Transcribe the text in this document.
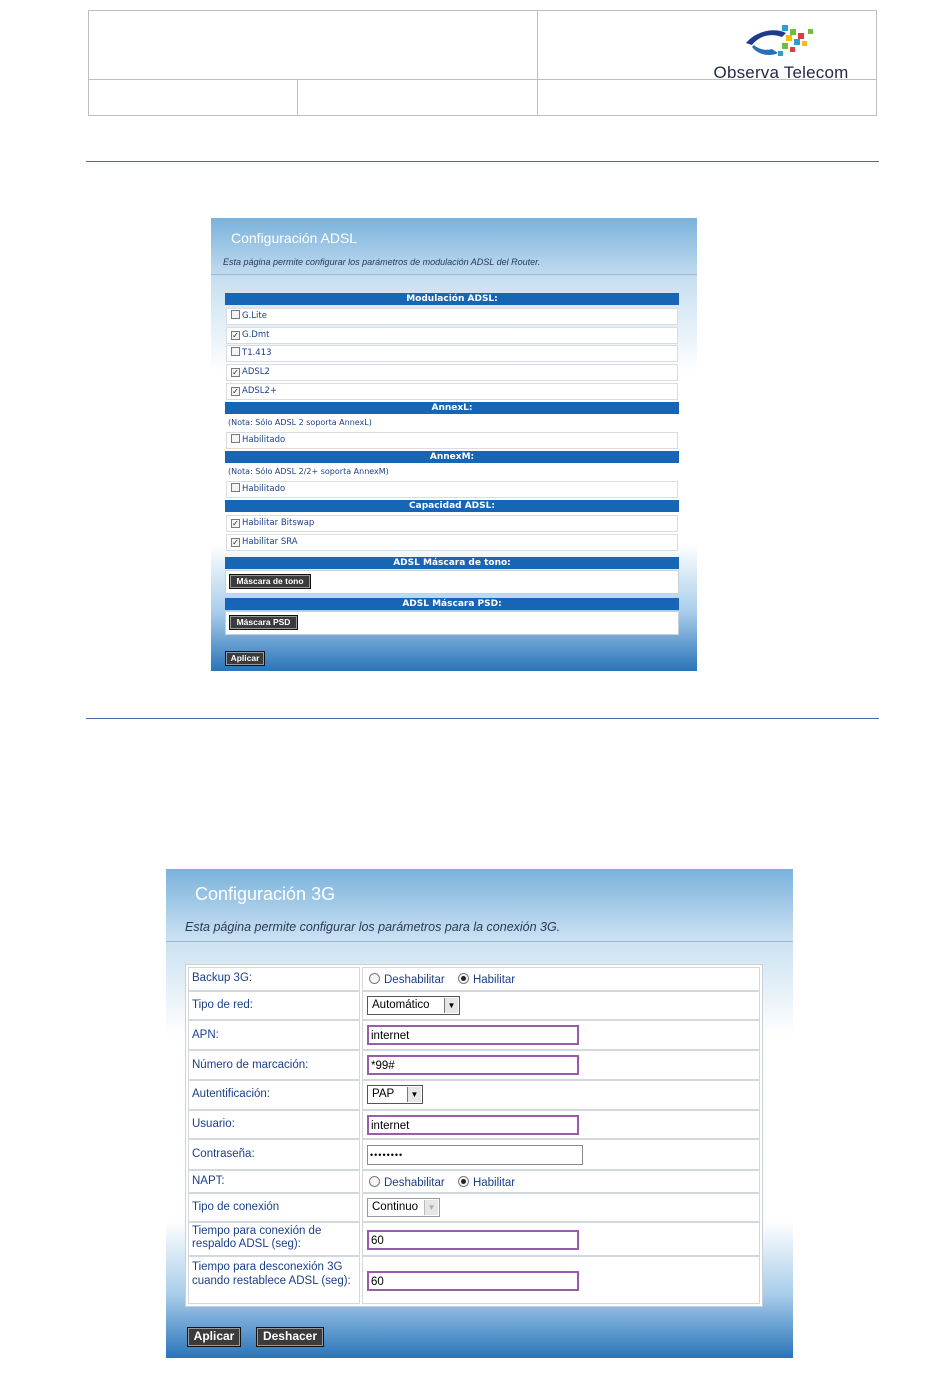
Observa Telecom
Configuración ADSL
Esta página permite configurar los parámetros de modulación ADSL del Router.
Modulación ADSL:
G.Lite
✓ G.Dmt
T1.413
✓ ADSL2
✓ ADSL2+
AnnexL:
(Nota: Sólo ADSL 2 soporta AnnexL)
Habilitado
AnnexM:
(Nota: Sólo ADSL 2/2+ soporta AnnexM)
Habilitado
Capacidad ADSL:
✓ Habilitar Bitswap
✓ Habilitar SRA
ADSL Máscara de tono:
Máscara de tono
ADSL Máscara PSD:
Máscara PSD
Aplicar
Configuración 3G
Esta página permite configurar los parámetros para la conexión 3G.
Backup 3G:	Deshabilitar Habilitar
Tipo de red:	Automático	▼
APN:	internet
Número de marcación:	*99#
Autentificación:	PAP	▼
Usuario:	internet
Contraseña:	••••••••
NAPT:	Deshabilitar Habilitar
Tipo de conexión	Continuo	▼
Tiempo para conexión de respaldo ADSL (seg):	60
Tiempo para desconexión 3G cuando restablece ADSL (seg):	60
Aplicar	Deshacer
